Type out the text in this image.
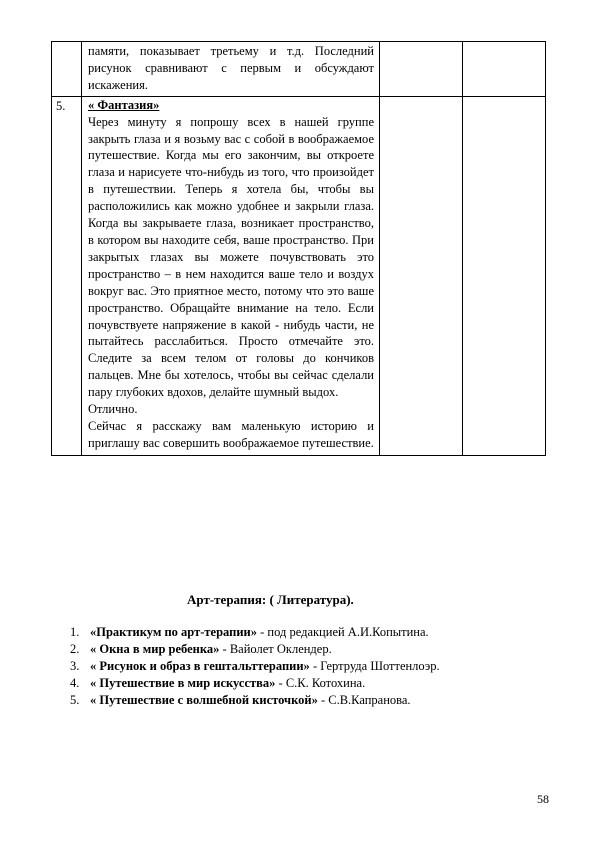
	памяти, показывает третьему и т.д. Последний рисунок сравнивают с первым и обсуждают искажения.		

5.	« Фантазия»
Через минуту я попрошу всех в нашей группе закрыть глаза и я возьму вас с собой в воображаемое путешествие. Когда мы его закончим, вы откроете глаза и нарисуете что-нибудь из того, что произойдет в путешествии. Теперь я хотела бы, чтобы вы расположились как можно удобнее и закрыли глаза. Когда вы закрываете глаза, возникает пространство, в котором вы находите себя, ваше пространство. При закрытых глазах вы можете почувствовать это пространство – в нем находится ваше тело и воздух вокруг вас. Это приятное место, потому что это ваше пространство. Обращайте внимание на тело. Если почувствуете напряжение в какой - нибудь части, не пытайтесь расслабиться. Просто отмечайте это. Следите за всем телом от головы до кончиков пальцев. Мне бы хотелось, чтобы вы сейчас сделали пару глубоких вдохов, делайте шумный выдох.
Отлично.
Сейчас я расскажу вам маленькую историю и приглашу вас совершить воображаемое путешествие.		

Арт-терапия: ( Литература).
1. «Практикум по арт-терапии» - под редакцией А.И.Копытина.
2. « Окна в мир ребенка» - Вайолет Оклендер.
3. « Рисунок и образ в гештальттерапии» - Гертруда Шоттенлоэр.
4. « Путешествие в мир искусства» - С.К. Котохина.
5. « Путешествие с волшебной кисточкой» - С.В.Капранова.
58
